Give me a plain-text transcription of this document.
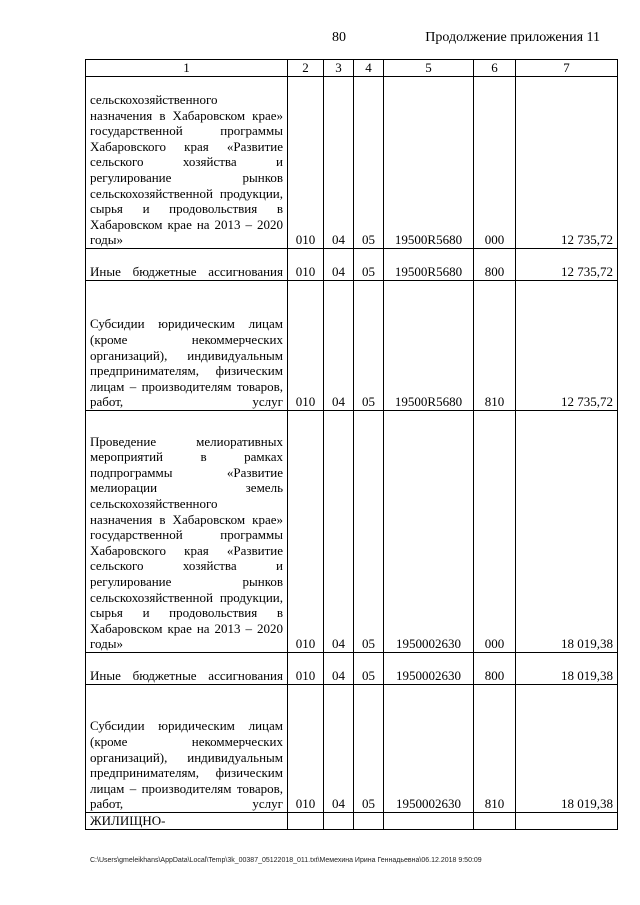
80	Продолжение приложения 11
1	2	3	4	5	6	7
сельскохозяйственного назначения в Хабаровском крае» государственной программы Хабаровского края «Развитие сельского хозяйства и регулирование рынков сельскохозяйственной продукции, сырья и продовольствия в Хабаровском крае на 2013 – 2020 годы»	010	04	05	19500R5680	000	12 735,72
Иные бюджетные ассигнования	010	04	05	19500R5680	800	12 735,72
Субсидии юридическим лицам (кроме некоммерческих организаций), индивидуальным предпринимателям, физическим лицам – производителям товаров, работ, услуг	010	04	05	19500R5680	810	12 735,72
Проведение мелиоративных мероприятий в рамках подпрограммы «Развитие мелиорации земель сельскохозяйственного назначения в Хабаровском крае» государственной программы Хабаровского края «Развитие сельского хозяйства и регулирование рынков сельскохозяйственной продукции, сырья и продовольствия в Хабаровском крае на 2013 – 2020 годы»	010	04	05	1950002630	000	18 019,38
Иные бюджетные ассигнования	010	04	05	1950002630	800	18 019,38
Субсидии юридическим лицам (кроме некоммерческих организаций), индивидуальным предпринимателям, физическим лицам – производителям товаров, работ, услуг	010	04	05	1950002630	810	18 019,38
ЖИЛИЩНО-						
C:\Users\gmeleikhans\AppData\Local\Temp\3k_00387_05122018_011.txt\Мемехина Ирина Геннадьевна\06.12.2018 9:50:09
